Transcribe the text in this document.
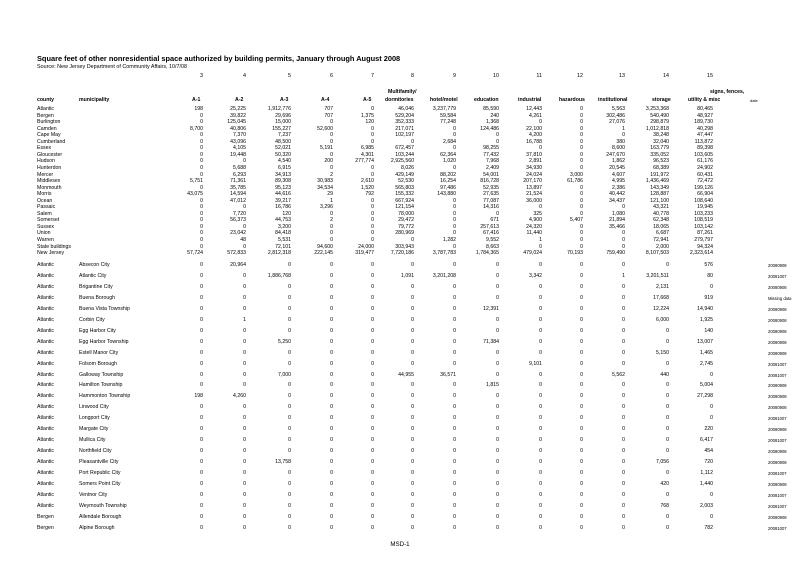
Square feet of other nonresidential space authorized by building permits, January through August 2008
Source: New Jersey Department of Community Affairs, 10/7/08
3	4	5	6	7	8	9	10	11	12	13	14	15
county	municipality	A-1	A-2	A-3	A-4	A-5
Multifamily/
dormitories	hotel/motel	education	industrial	hazardous	institutional	storage
signs, fences,
utility & misc	date
Atlantic	198	25,225	1,912,776	707	0	46,046	3,237,779	85,590	12,443	0	5,563	3,253,368	80,465
Bergen	0	39,822	29,696	707	1,375	529,204	59,584	240	4,261	0	302,486	540,490	48,927
Burlington	0	125,045	15,000	0	120	352,333	77,248	1,368	0	0	27,076	298,879	189,730
Camden	8,700	40,806	155,227	52,600	0	217,071	0	124,486	22,100	0	1	1,012,818	40,298
Cape May	0	7,370	7,237	0	0	102,197	0	0	4,200	0	0	38,248	47,447
Cumberland	0	43,096	48,500	0	0	0	2,684	0	16,788	0	380	32,040	113,872
Essex	0	4,105	52,021	5,191	6,985	672,457	0	98,255	0	0	8,600	163,779	89,398
Gloucester	0	19,448	50,320	0	4,301	103,244	62,364	77,432	37,810	0	247,670	335,052	103,605
Hudson	0	0	4,540	200	277,774	2,925,560	1,020	7,968	2,891	0	1,862	96,523	61,176
Hunterdon	0	5,688	6,915	0	0	8,026	0	2,409	34,930	0	20,545	68,389	24,902
Mercer	0	6,293	34,913	2	0	429,149	88,202	54,001	24,024	3,000	4,607	191,972	60,431
Middlesex	5,751	71,361	89,308	30,983	2,610	52,530	16,254	816,728	207,170	61,786	4,995	1,436,469	72,472
Monmouth	0	35,785	95,123	34,534	1,520	565,803	97,486	52,935	13,897	0	2,386	143,349	199,126
Morris	43,075	14,594	44,616	29	792	155,332	143,880	27,635	21,524	0	40,442	128,887	66,904
Ocean	0	47,012	39,217	1	0	667,924	0	77,087	36,000	0	34,437	121,100	108,640
Passaic	0	0	16,786	3,296	0	121,154	0	14,316	0	0	0	43,321	19,945
Salem	0	7,720	120	0	0	78,000	0	0	325	0	1,080	40,778	103,233
Somerset	0	56,373	44,753	2	0	29,472	0	671	4,900	5,407	21,894	62,348	108,519
Sussex	0	0	3,200	0	0	79,772	0	257,613	24,320	0	35,466	18,065	103,142
Union	0	23,042	84,418	0	0	280,969	0	67,416	11,440	0	0	6,687	87,261
Warren	0	48	5,531	0	0	0	1,282	9,552	1	0	0	72,941	279,797
State buildings	0	0	72,101	94,600	24,000	303,943	0	8,663	0	0	0	2,000	94,324
New Jersey	57,724	572,833	2,812,318	222,145	319,477	7,720,186	3,787,783	1,784,365	479,024	70,193	759,490	8,107,503	2,323,614
Atlantic	Absecon City	0	20,964	0	0	0	0	0	0	0	0	0	0	576	20080908
Atlantic	Atlantic City	0	0	1,886,768	0	0	1,091	3,201,208	0	3,342	0	1	3,201,511	80	20081007
Atlantic	Brigantine City	0	0	0	0	0	0	0	0	0	0	0	2,131	0	20080908
Atlantic	Buena Borough	0	0	0	0	0	0	0	0	0	0	0	17,668	919	Missing data
Atlantic	Buena Vista Township	0	0	0	0	0	0	0	12,391	0	0	0	12,224	14,940	20080908
Atlantic	Corbin City	0	1	0	0	0	0	0	0	0	0	0	6,000	1,925	20080908
Atlantic	Egg Harbor City	0	0	0	0	0	0	0	0	0	0	0	0	140	20080908
Atlantic	Egg Harbor Township	0	0	5,250	0	0	0	0	71,384	0	0	0	0	13,007	20080908
Atlantic	Estell Manor City	0	0	0	0	0	0	0	0	0	0	0	5,150	1,465	20080908
Atlantic	Folsom Borough	0	0	0	0	0	0	0	0	9,101	0	0	0	2,745	20081007
Atlantic	Galloway Township	0	0	7,000	0	0	44,955	36,571	0	0	0	5,562	440	0	20081007
Atlantic	Hamilton Township	0	0	0	0	0	0	0	1,815	0	0	0	0	5,004	20080908
Atlantic	Hammonton Township	198	4,260	0	0	0	0	0	0	0	0	0	0	27,298	20080908
Atlantic	Linwood City	0	0	0	0	0	0	0	0	0	0	0	0	0	20080908
Atlantic	Longport City	0	0	0	0	0	0	0	0	0	0	0	0	0	20081007
Atlantic	Margate City	0	0	0	0	0	0	0	0	0	0	0	0	220	20080908
Atlantic	Mullica City	0	0	0	0	0	0	0	0	0	0	0	0	6,417	20081007
Atlantic	Northfield City	0	0	0	0	0	0	0	0	0	0	0	0	454	20080908
Atlantic	Pleasantville City	0	0	13,758	0	0	0	0	0	0	0	0	7,056	720	20080908
Atlantic	Port Republic City	0	0	0	0	0	0	0	0	0	0	0	0	1,112	20081007
Atlantic	Somers Point City	0	0	0	0	0	0	0	0	0	0	0	420	1,440	20080908
Atlantic	Ventnor City	0	0	0	0	0	0	0	0	0	0	0	0	0	20081007
Atlantic	Weymouth Township	0	0	0	0	0	0	0	0	0	0	0	768	2,003	20081007
Bergen	Allendale Borough	0	0	0	0	0	0	0	0	0	0	0	0	0	20080908
Bergen	Alpine Borough	0	0	0	0	0	0	0	0	0	0	0	0	782	20081007
MSD-1
